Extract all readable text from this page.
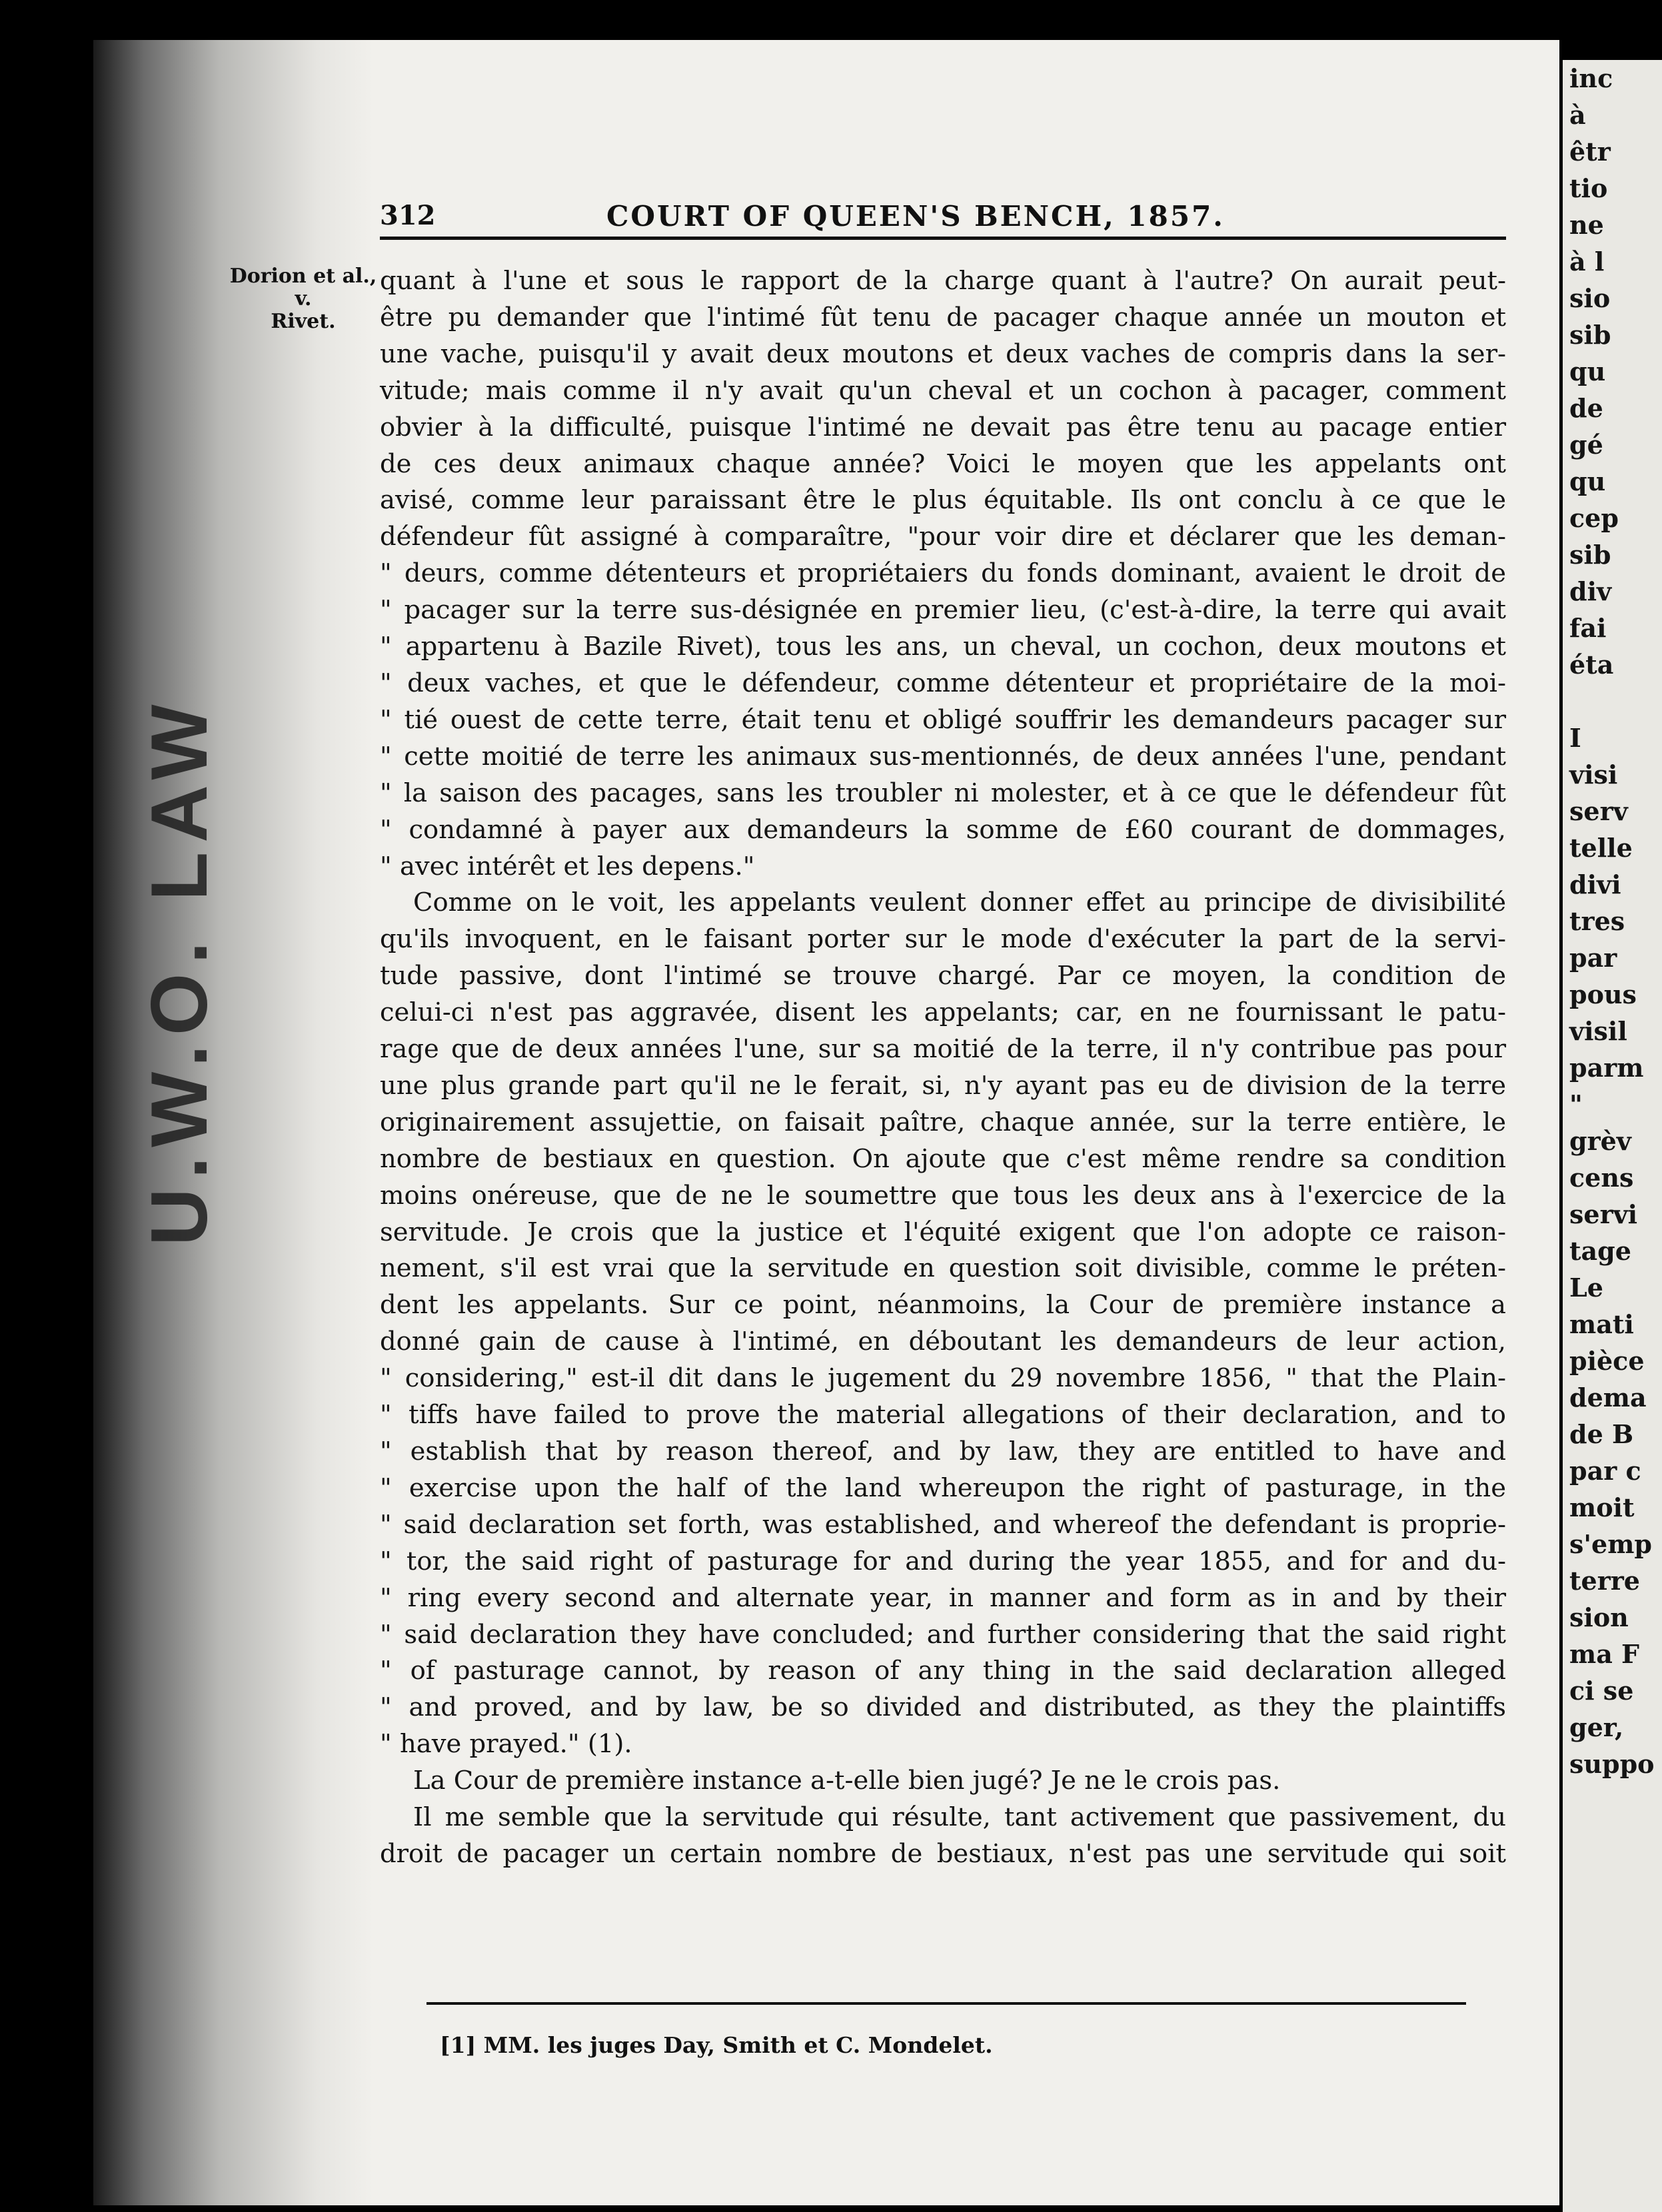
U.W.O. LAW
312	COURT OF QUEEN'S BENCH, 1857.
Dorion et al.,
v.
Rivet.
quant à l'une et sous le rapport de la charge quant à l'autre? On aurait peut-
être pu demander que l'intimé fût tenu de pacager chaque année un mouton et
une vache, puisqu'il y avait deux moutons et deux vaches de compris dans la ser-
vitude; mais comme il n'y avait qu'un cheval et un cochon à pacager, comment
obvier à la difficulté, puisque l'intimé ne devait pas être tenu au pacage entier
de ces deux animaux chaque année? Voici le moyen que les appelants ont
avisé, comme leur paraissant être le plus équitable. Ils ont conclu à ce que le
défendeur fût assigné à comparaître, "pour voir dire et déclarer que les deman-
" deurs, comme détenteurs et propriétaiers du fonds dominant, avaient le droit de
" pacager sur la terre sus-désignée en premier lieu, (c'est-à-dire, la terre qui avait
" appartenu à Bazile Rivet), tous les ans, un cheval, un cochon, deux moutons et
" deux vaches, et que le défendeur, comme détenteur et propriétaire de la moi-
" tié ouest de cette terre, était tenu et obligé souffrir les demandeurs pacager sur
" cette moitié de terre les animaux sus-mentionnés, de deux années l'une, pendant
" la saison des pacages, sans les troubler ni molester, et à ce que le défendeur fût
" condamné à payer aux demandeurs la somme de £60 courant de dommages,
" avec intérêt et les depens."
Comme on le voit, les appelants veulent donner effet au principe de divisibilité
qu'ils invoquent, en le faisant porter sur le mode d'exécuter la part de la servi-
tude passive, dont l'intimé se trouve chargé. Par ce moyen, la condition de
celui-ci n'est pas aggravée, disent les appelants; car, en ne fournissant le patu-
rage que de deux années l'une, sur sa moitié de la terre, il n'y contribue pas pour
une plus grande part qu'il ne le ferait, si, n'y ayant pas eu de division de la terre
originairement assujettie, on faisait paître, chaque année, sur la terre entière, le
nombre de bestiaux en question. On ajoute que c'est même rendre sa condition
moins onéreuse, que de ne le soumettre que tous les deux ans à l'exercice de la
servitude. Je crois que la justice et l'équité exigent que l'on adopte ce raison-
nement, s'il est vrai que la servitude en question soit divisible, comme le préten-
dent les appelants. Sur ce point, néanmoins, la Cour de première instance a
donné gain de cause à l'intimé, en déboutant les demandeurs de leur action,
" considering," est-il dit dans le jugement du 29 novembre 1856, " that the Plain-
" tiffs have failed to prove the material allegations of their declaration, and to
" establish that by reason thereof, and by law, they are entitled to have and
" exercise upon the half of the land whereupon the right of pasturage, in the
" said declaration set forth, was established, and whereof the defendant is proprie-
" tor, the said right of pasturage for and during the year 1855, and for and du-
" ring every second and alternate year, in manner and form as in and by their
" said declaration they have concluded; and further considering that the said right
" of pasturage cannot, by reason of any thing in the said declaration alleged
" and proved, and by law, be so divided and distributed, as they the plaintiffs
" have prayed." (1).
La Cour de première instance a-t-elle bien jugé? Je ne le crois pas.
Il me semble que la servitude qui résulte, tant activement que passivement, du
droit de pacager un certain nombre de bestiaux, n'est pas une servitude qui soit
[1] MM. les juges Day, Smith et C. Mondelet.
inc
à
êtr
tio
ne
à l
sio
sib
qu
de
gé
qu
cep
sib
div
fai
éta
I
visi
serv
telle
divi
tres
par
pous
visil
parm
"
grèv
cens
servi
tage
Le
mati
pièce
dema
de B
par c
moit
s'emp
terre
sion
ma F
ci se
ger,
suppo
